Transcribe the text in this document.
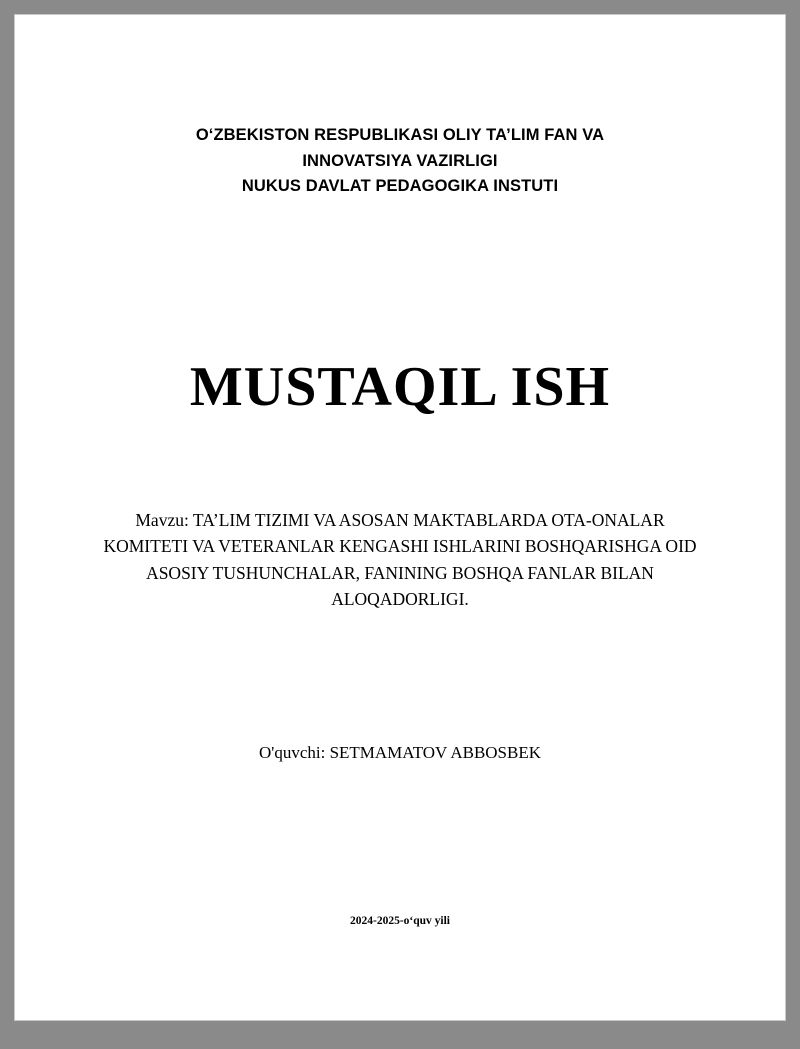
O‘ZBEKISTON RESPUBLIKASI OLIY TA’LIM FAN VA
INNOVATSIYA VAZIRLIGI
NUKUS DAVLAT PEDAGOGIKA INSTUTI
MUSTAQIL ISH
Mavzu: TA’LIM TIZIMI VA ASOSAN MAKTABLARDA OTA-ONALAR KOMITETI VA VETERANLAR KENGASHI ISHLARINI BOSHQARISHGA OID ASOSIY TUSHUNCHALAR, FANINING BOSHQA FANLAR BILAN ALOQADORLIGI.
O'quvchi: SETMAMATOV ABBOSBEK
2024-2025-o‘quv yili
